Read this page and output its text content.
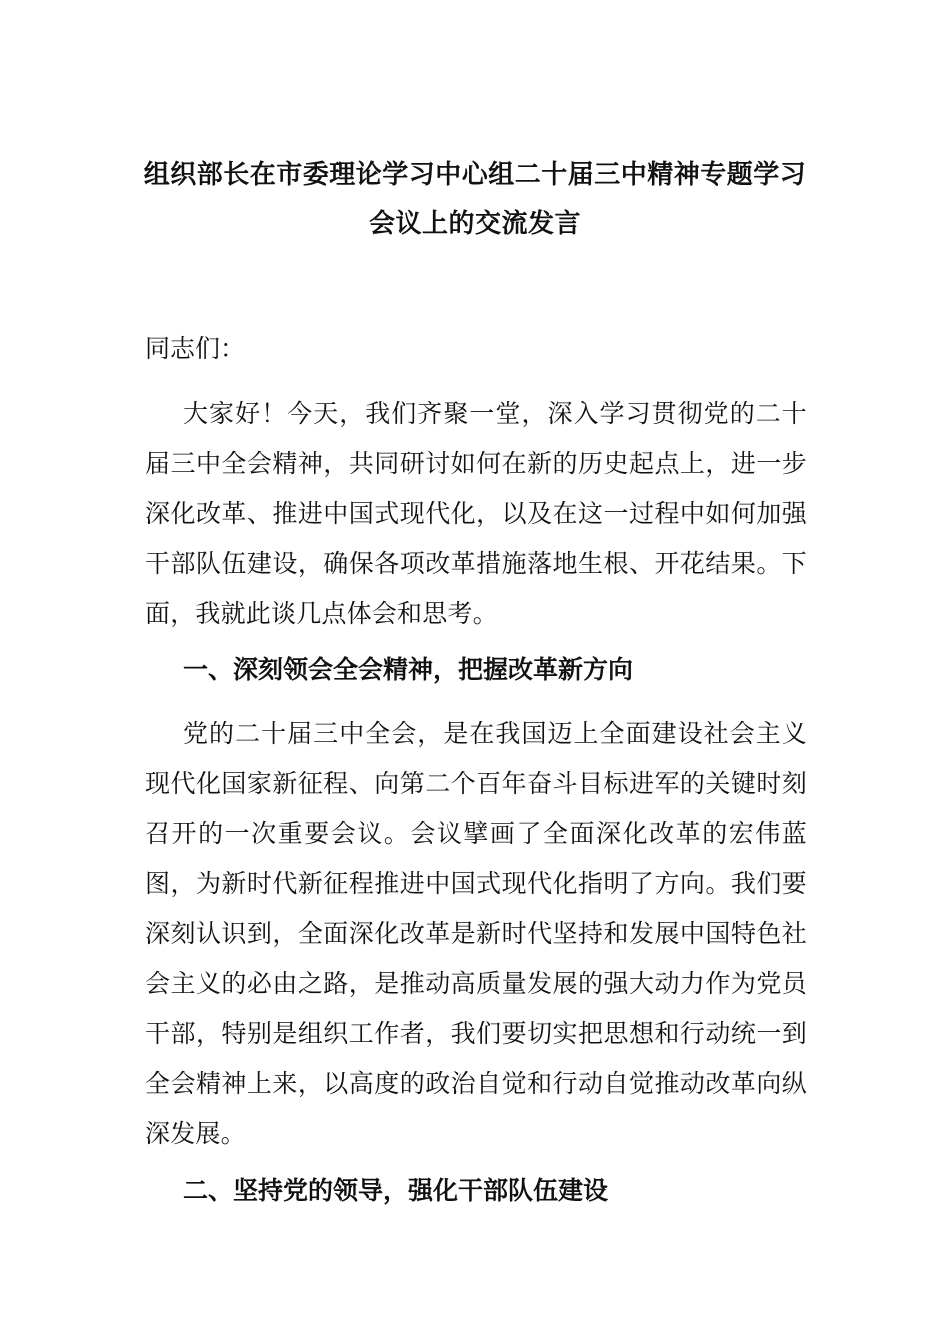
组织部长在市委理论学习中心组二十届三中精神专题学习
会议上的交流发言
同志们：
大家好！今天，我们齐聚一堂，深入学习贯彻党的二十届三中全会精神，共同研讨如何在新的历史起点上，进一步深化改革、推进中国式现代化，以及在这一过程中如何加强干部队伍建设，确保各项改革措施落地生根、开花结果。下面，我就此谈几点体会和思考。
一、深刻领会全会精神，把握改革新方向
党的二十届三中全会，是在我国迈上全面建设社会主义现代化国家新征程、向第二个百年奋斗目标进军的关键时刻召开的一次重要会议。会议擘画了全面深化改革的宏伟蓝图，为新时代新征程推进中国式现代化指明了方向。我们要深刻认识到，全面深化改革是新时代坚持和发展中国特色社会主义的必由之路，是推动高质量发展的强大动力作为党员干部，特别是组织工作者，我们要切实把思想和行动统一到全会精神上来，以高度的政治自觉和行动自觉推动改革向纵深发展。
二、坚持党的领导，强化干部队伍建设
